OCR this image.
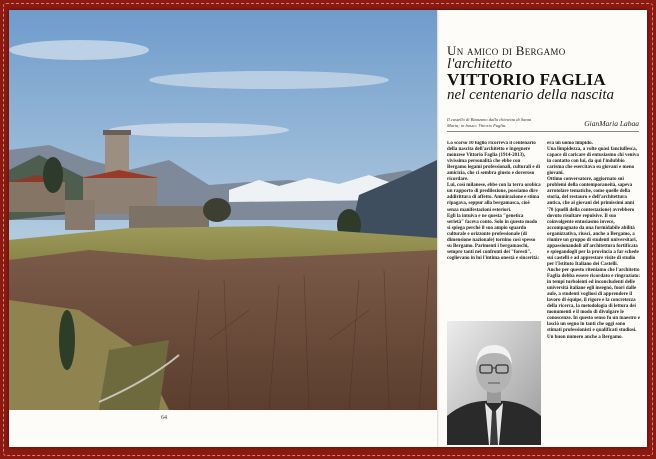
64
Un amico di Bergamo
l'architetto
VITTORIO FAGLIA
nel centenario della nascita
Il castello di Bianzano dalla chiesetta di Santa Maria; in basso: Vittorio Faglia.	GianMaria Labaa
Lo scorso 10 luglio ricorreva il centenario della nascita dell'architetto e ingegnere monzese Vittorio Faglia (1914-2013), vivissima personalità che ebbe con Bergamo legami professionali, culturali e di amicizia, che ci sembra giusto e doveroso ricordare.
Lui, così milanese, ebbe con la terra orobica un rapporto di predilezione, possiamo dire addirittura di affetto. Ammirazione e stima ripagava, seppur alla bergamasca, cioè senza manifestazioni esteriori.
Egli la intuiva e ne questa "genetica serietà" faceva conto. Solo in questo modo si spiega perché il suo ampio sguardo culturale e orizzonte professionale (di dimensione nazionale) tornino così spesso su Bergamo. Parimenti i bergamaschi, sempre tanti nei confronti dei "foresti", coglievano in lui l'intima onestà e sincerità:
era un uomo limpido.
Una limpidezza, a volte quasi fanciullesca, capace di caricare di entusiasmo chi veniva in contatto con lui, da qui l'indubbio carisma che esercitava su giovani e meno giovani.
Ottimo conversatore, aggiornato sui problemi della contemporaneità, sapeva arrotolare tematiche, come quelle della storia, del restauro e dell'architettura antica, che ai giovani dei primissimi anni '70 (quelli della contestazione) avrebbero dovuto risultare repulsive. Il suo coinvolgente entusiasmo invece, accompagnato da una formidabile abilità organizzativa, riuscì, anche a Bergamo, a riunire un gruppo di studenti universitari, appassionandoli all'architettura fortificata e spiegandogli per la provincia a far schede sui castelli e ad apprestare visite di studio per l'Istituto Italiano dei Castelli.
Anche per questo riteniamo che l'architetto Faglia debba essere ricordato e ringraziato: in tempi turbolenti ed inconcludenti delle università italiane egli insegnò, fuori dalle aule, a studenti vogliosi di apprendere il lavoro di équipe, il rigore e la concretezza della ricerca, la metodologia di lettura dei monumenti e il modo di divulgare le conoscenze. In questo senso fu un maestro e lasciò un segno in tanti che oggi sono stimati professionisti e qualificati studiosi.
Un buon numero anche a Bergamo.
